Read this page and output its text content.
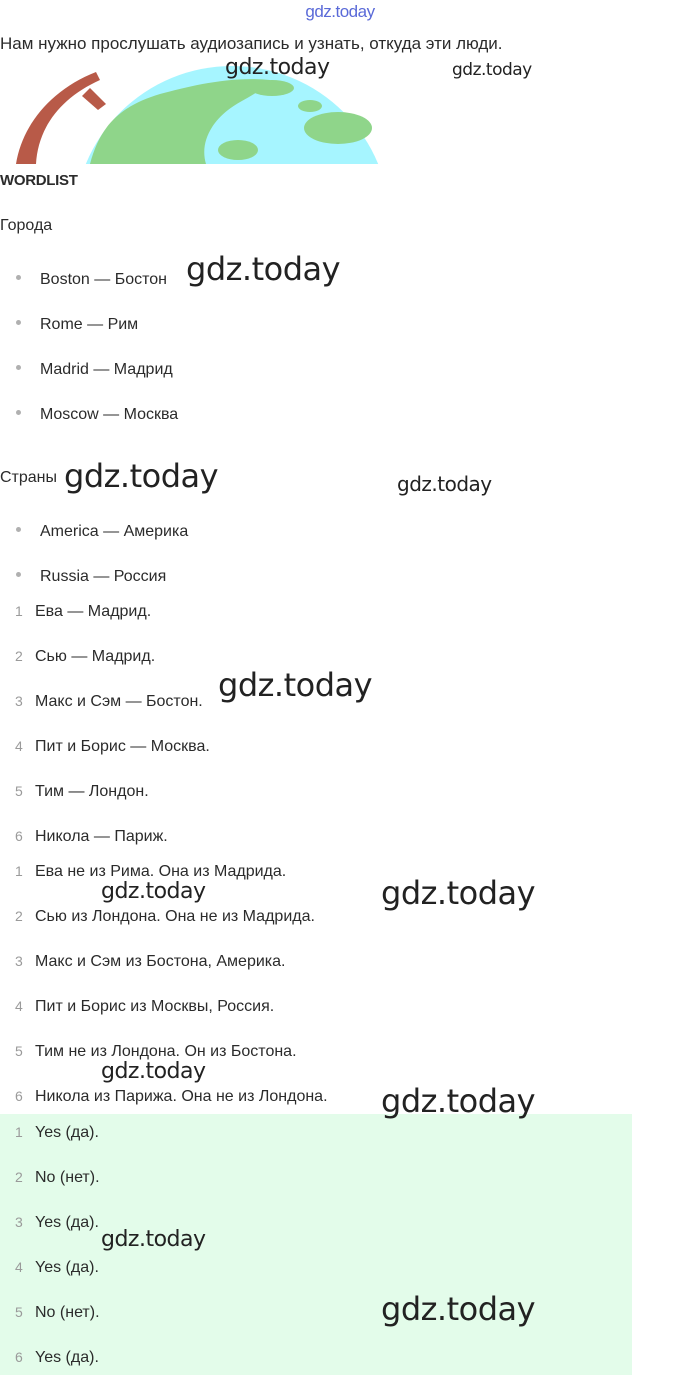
gdz.today
Нам нужно прослушать аудиозапись и узнать, откуда эти люди.
gdz.today	gdz.today
WORDLIST
Города
Boston — Бостон gdz.today
Rome — Рим
Madrid — Мадрид
Moscow — Москва
Страны gdz.today	gdz.today
America — Америка
Russia — Россия
1 Ева — Мадрид.
2 Сью — Мадрид.
3 Макс и Сэм — Бостон. gdz.today
4 Пит и Борис — Москва.
5 Тим — Лондон.
6 Никола — Париж.
1 Ева не из Рима. Она из Мадрида.
gdz.today	gdz.today
2 Сью из Лондона. Она не из Мадрида.
3 Макс и Сэм из Бостона, Америка.
4 Пит и Борис из Москвы, Россия.
5 Тим не из Лондона. Он из Бостона.
gdz.today
6 Никола из Парижа. Она не из Лондона. gdz.today
1 Yes (да).
2 No (нет).
3 Yes (да).
gdz.today
4 Yes (да).
5 No (нет).	gdz.today
6 Yes (да).
